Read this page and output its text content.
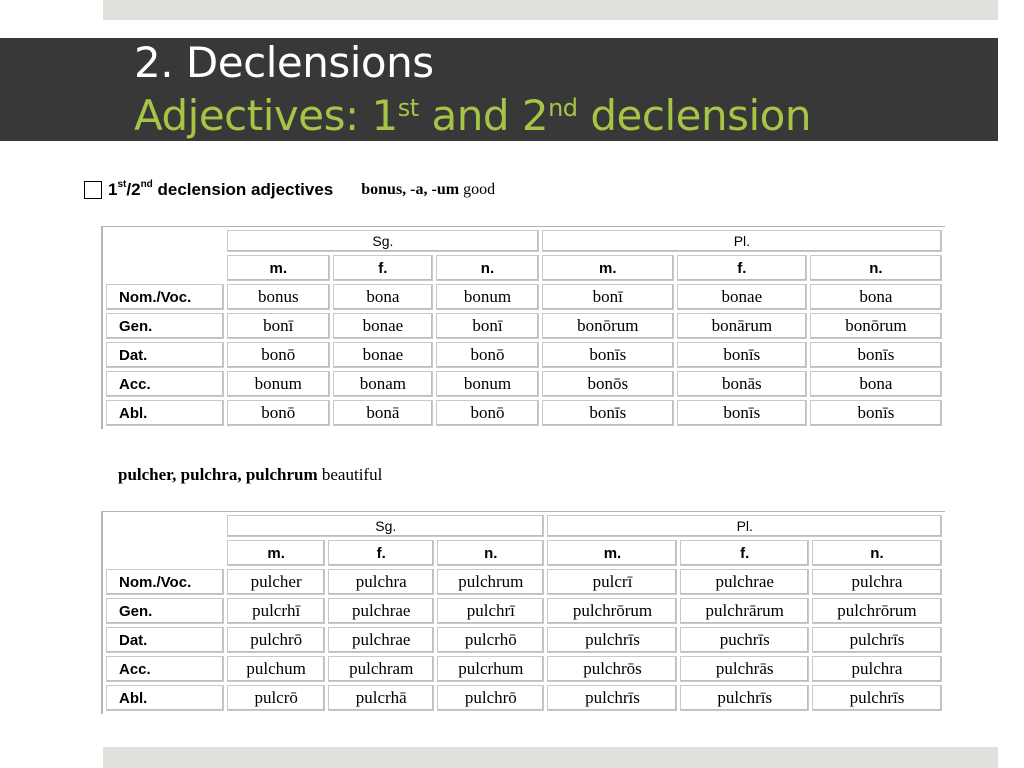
2. Declensions
Adjectives: 1st and 2nd declension
1st/2nd declension adjectives bonus, -a, -um good
	Sg.			Pl.		
	m.	f.	n.	m.	f.	n.
Nom./Voc.	bonus	bona	bonum	bonī	bonae	bona
Gen.	bonī	bonae	bonī	bonōrum	bonārum	bonōrum
Dat.	bonō	bonae	bonō	bonīs	bonīs	bonīs
Acc.	bonum	bonam	bonum	bonōs	bonās	bona
Abl.	bonō	bonā	bonō	bonīs	bonīs	bonīs
pulcher, pulchra, pulchrum beautiful
	Sg.			Pl.		
	m.	f.	n.	m.	f.	n.
Nom./Voc.	pulcher	pulchra	pulchrum	pulcrī	pulchrae	pulchra
Gen.	pulcrhī	pulchrae	pulchrī	pulchrōrum	pulchrārum	pulchrōrum
Dat.	pulchrō	pulchrae	pulcrhō	pulchrīs	puchrīs	pulchrīs
Acc.	pulchum	pulchram	pulcrhum	pulchrōs	pulchrās	pulchra
Abl.	pulcrō	pulcrhā	pulchrō	pulchrīs	pulchrīs	pulchrīs
